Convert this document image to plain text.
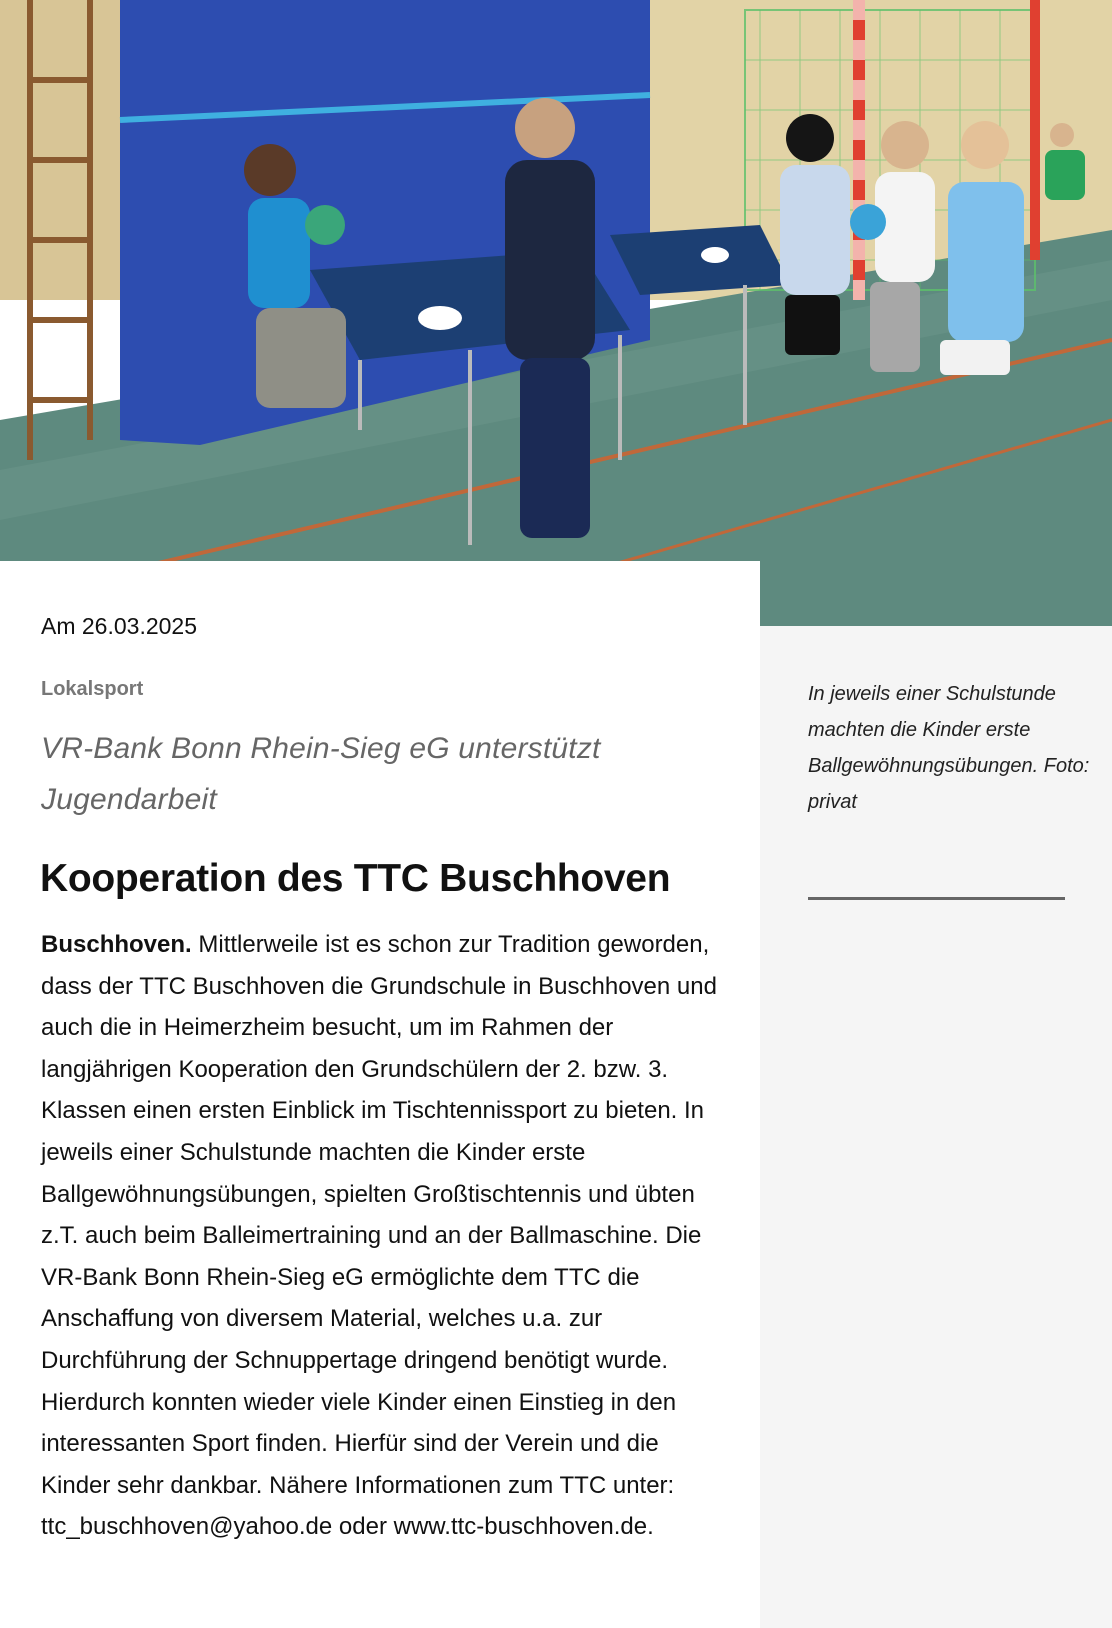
In jeweils einer Schulstunde machten die Kinder erste Ballgewöhnungsübungen. Foto: privat

Am 26.03.2025

Lokalsport

VR-Bank Bonn Rhein-Sieg eG unterstützt Jugendarbeit

Kooperation des TTC Buschhoven

Buschhoven. Mittlerweile ist es schon zur Tradition geworden, dass der TTC Buschhoven die Grundschule in Buschhoven und auch die in Heimerzheim besucht, um im Rahmen der langjährigen Kooperation den Grundschülern der 2. bzw. 3. Klassen einen ersten Einblick im Tischtennissport zu bieten. In jeweils einer Schulstunde machten die Kinder erste Ballgewöhnungsübungen, spielten Großtischtennis und übten z.T. auch beim Balleimertraining und an der Ballmaschine. Die VR-Bank Bonn Rhein-Sieg eG ermöglichte dem TTC die Anschaffung von diversem Material, welches u.a. zur Durchführung der Schnuppertage dringend benötigt wurde. Hierdurch konnten wieder viele Kinder einen Einstieg in den interessanten Sport finden. Hierfür sind der Verein und die Kinder sehr dankbar. Nähere Informationen zum TTC unter: ttc_buschhoven@yahoo.de oder www.ttc-buschhoven.de.
